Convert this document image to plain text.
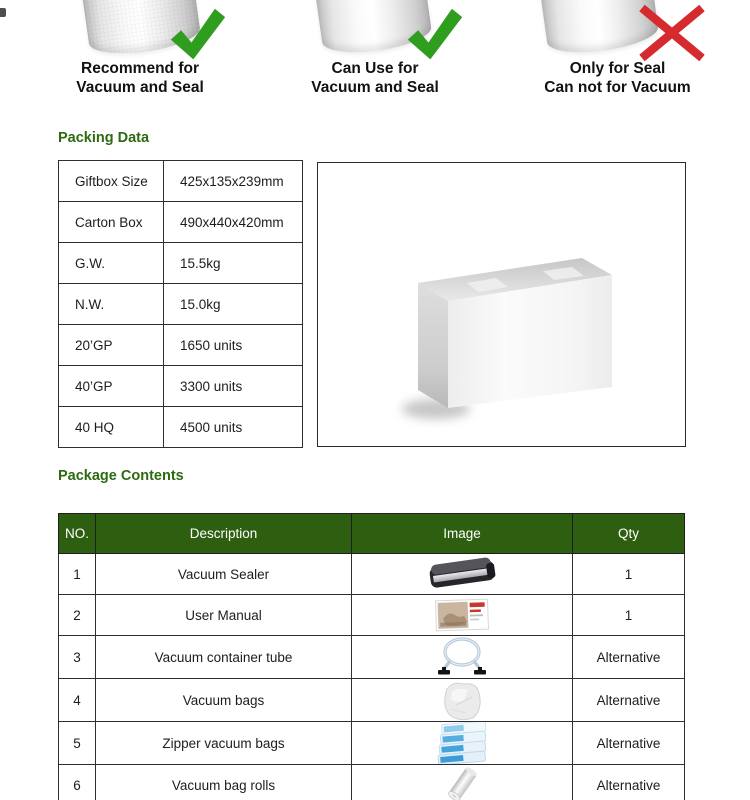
Recommend for
Vacuum and Seal
Can Use for
Vacuum and Seal
Only for Seal
Can not for Vacuum
Packing Data
Giftbox Size	425x135x239mm
Carton Box	490x440x420mm
G.W.	15.5kg
N.W.	15.0kg
20’GP	1650 units
40’GP	3300 units
40 HQ	4500 units
Package Contents
NO.	Description	Image	Qty
1	Vacuum Sealer		1
2	User Manual		1
3	Vacuum container tube		Alternative
4	Vacuum bags		Alternative
5	Zipper vacuum bags		Alternative
6	Vacuum bag rolls		Alternative
